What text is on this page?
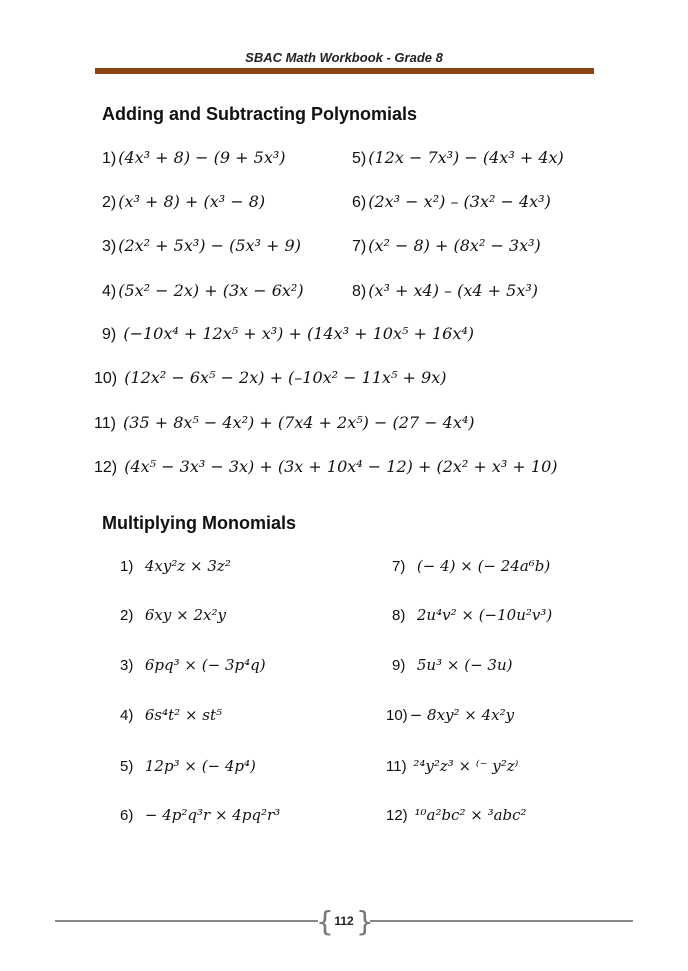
SBAC Math Workbook - Grade 8
Adding and Subtracting Polynomials
1) (4x³ + 8) − (9 + 5x³)
2) (x³ + 8) + (x³ − 8)
3) (2x² + 5x³) − (5x³ + 9)
4) (5x² − 2x) + (3x − 6x²)
5) (12x − 7x³) − (4x³ + 4x)
6) (2x³ − x²) – (3x² − 4x³)
7) (x² − 8) + (8x² − 3x³)
8) (x³ + x4) – (x4 + 5x³)
9) (−10x⁴ + 12x⁵ + x³) + (14x³ + 10x⁵ + 16x⁴)
10) (12x² − 6x⁵ − 2x) + (–10x² − 11x⁵ + 9x)
11) (35 + 8x⁵ − 4x²) + (7x4 + 2x⁵) − (27 − 4x⁴)
12) (4x⁵ − 3x³ − 3x) + (3x + 10x⁴ − 12) + (2x² + x³ + 10)
Multiplying Monomials
1) 4xy²z × 3z²
2) 6xy × 2x²y
3) 6pq³ × (− 3p⁴q)
4) 6s⁴t² × st⁵
5) 12p³ × (− 4p⁴)
6) − 4p²q³r × 4pq²r³
7) (− 4) × (− 24a⁶b)
8) 2u⁴v² × (−10u²v³)
9) 5u³ × (− 3u)
10) − 8xy² × 4x²y
11) ²⁴y²z³ × ⁽⁻ y²z⁾
12) ¹⁰a²bc² × ³abc²
{ }
112
